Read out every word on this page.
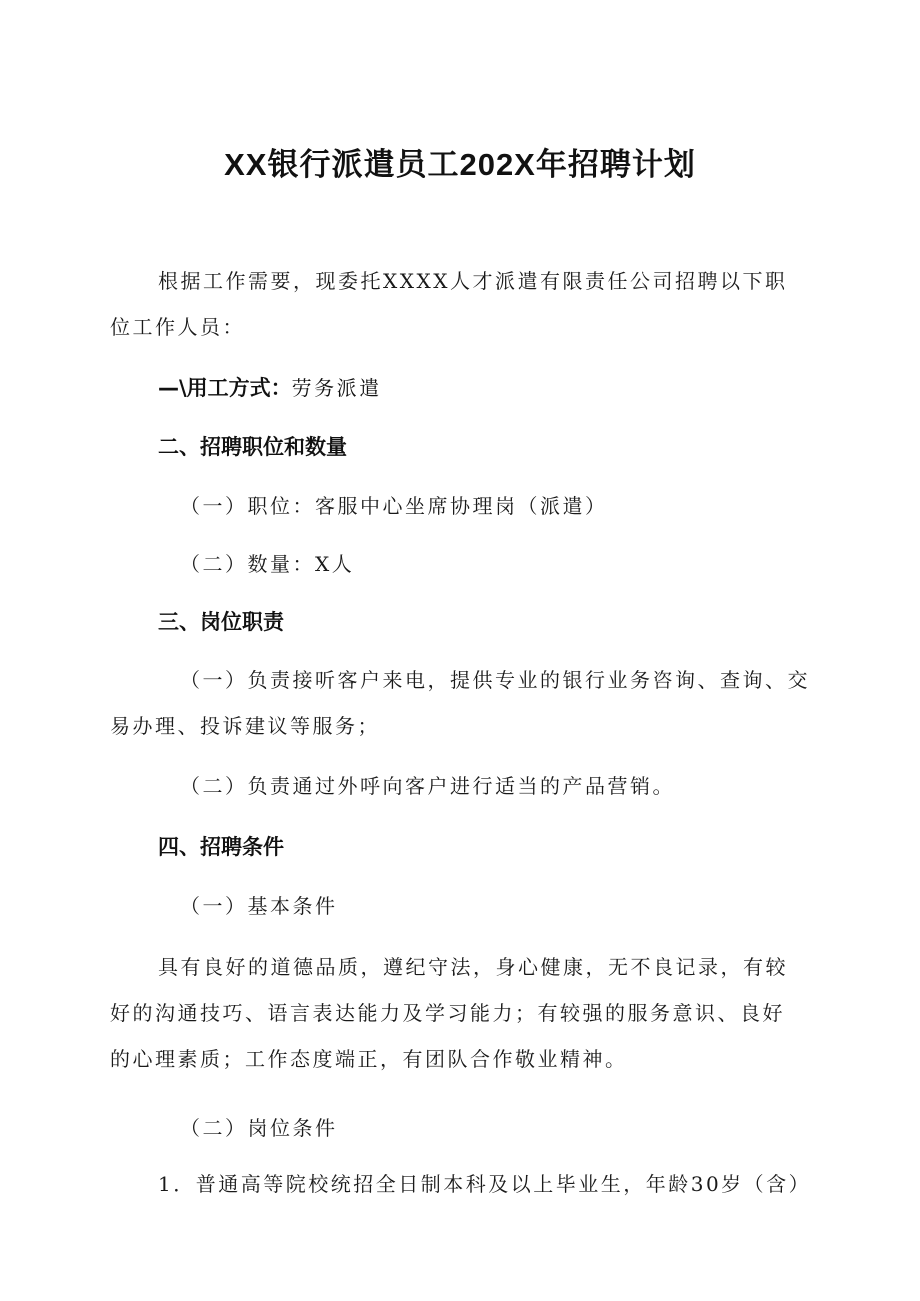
XX银行派遣员工202X年招聘计划
根据工作需要，现委托XXXX人才派遣有限责任公司招聘以下职
位工作人员：
—\用工方式：劳务派遣
二、招聘职位和数量
（一）职位：客服中心坐席协理岗（派遣）
（二）数量：X人
三、岗位职责
（一）负责接听客户来电，提供专业的银行业务咨询、查询、交
易办理、投诉建议等服务；
（二）负责通过外呼向客户进行适当的产品营销。
四、招聘条件
（一）基本条件
具有良好的道德品质，遵纪守法，身心健康，无不良记录，有较
好的沟通技巧、语言表达能力及学习能力；有较强的服务意识、良好
的心理素质；工作态度端正，有团队合作敬业精神。
（二）岗位条件
1．普通高等院校统招全日制本科及以上毕业生，年龄30岁（含）
